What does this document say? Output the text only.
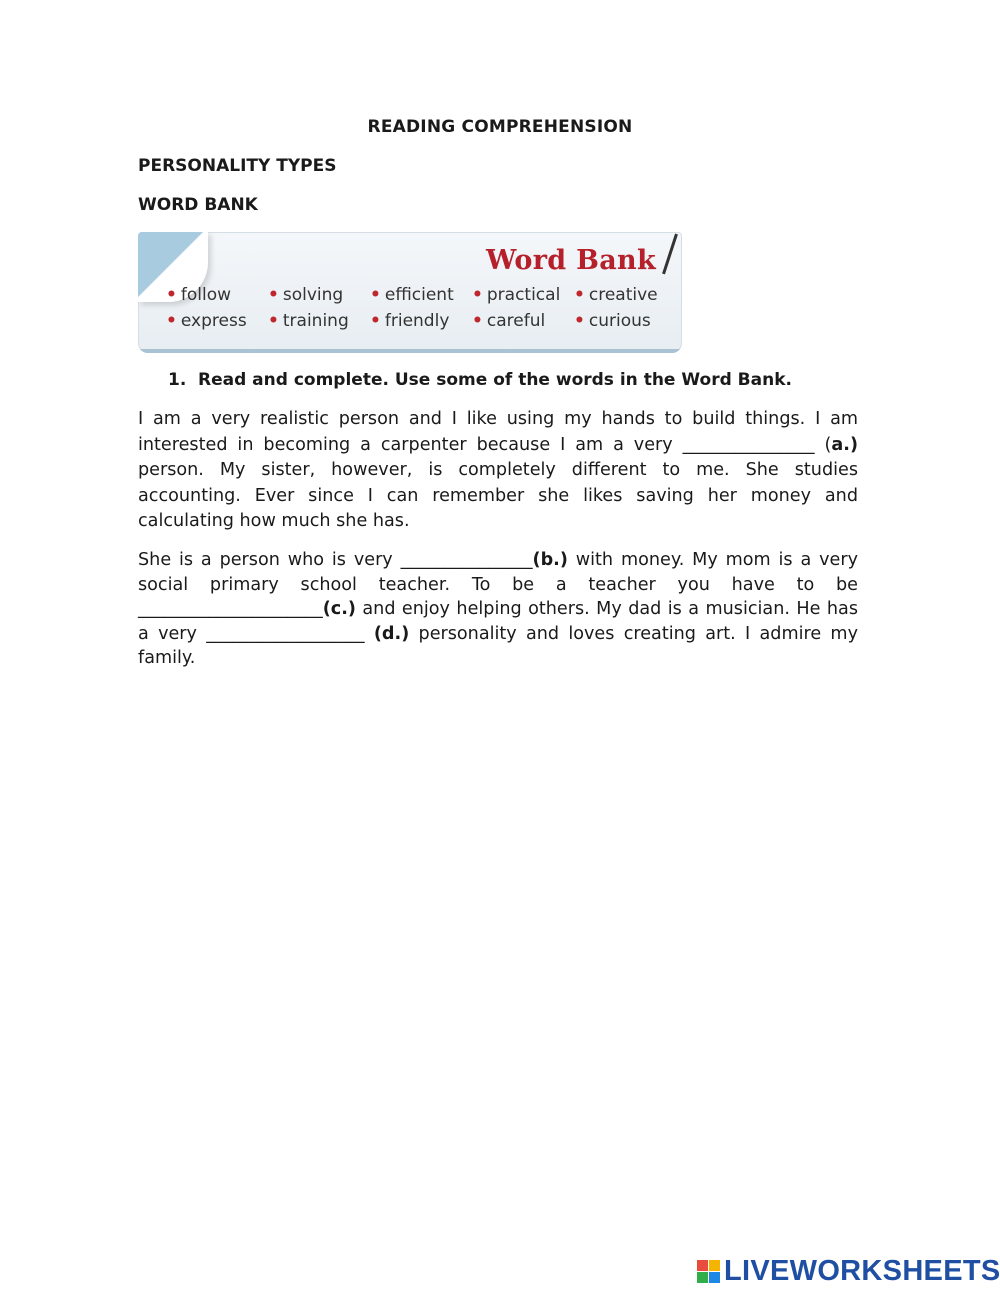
READING COMPREHENSION
PERSONALITY TYPES
WORD BANK
Word Bank
• follow	• solving	• efficient	• practical • creative
• express	• training	• friendly	• careful	• curious
1. Read and complete. Use some of the words in the Word Bank.

I am a very realistic person and I like using my hands to build things. I am interested in becoming a carpenter because I am a very _______________ (a.) person. My sister, however, is completely different to me. She studies accounting. Ever since I can remember she likes saving her money and calculating how much she has.

She is a person who is very _______________(b.) with money. My mom is a very social primary school teacher. To be a teacher you have to be _____________________(c.) and enjoy helping others. My dad is a musician. He has a very __________________ (d.) personality and loves creating art. I admire my family.

LIVEWORKSHEETS
